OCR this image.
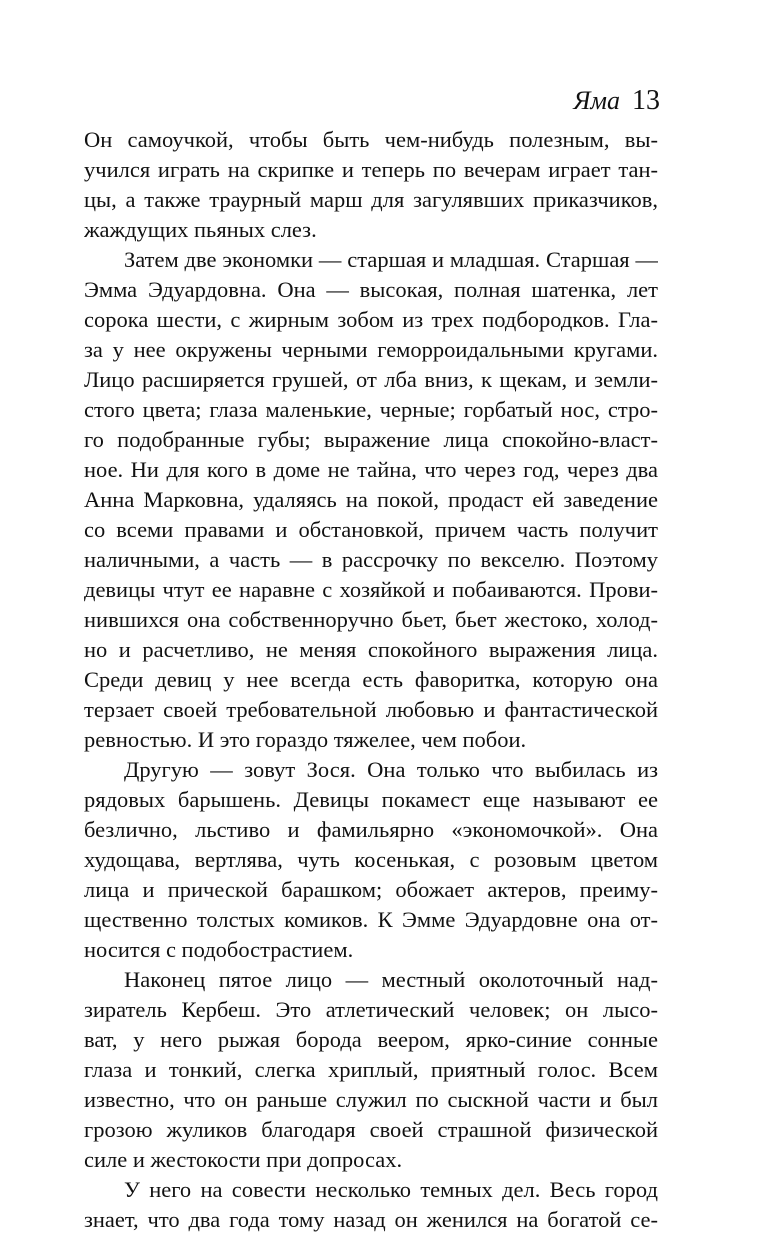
Яма 13
Он самоучкой, чтобы быть чем-нибудь полезным, вы-
учился играть на скрипке и теперь по вечерам играет тан-
цы, а также траурный марш для загулявших приказчиков,
жаждущих пьяных слез.
Затем две экономки — старшая и младшая. Старшая —
Эмма Эдуардовна. Она — высокая, полная шатенка, лет
сорока шести, с жирным зобом из трех подбородков. Гла-
за у нее окружены черными геморроидальными кругами.
Лицо расширяется грушей, от лба вниз, к щекам, и земли-
стого цвета; глаза маленькие, черные; горбатый нос, стро-
го подобранные губы; выражение лица спокойно-власт-
ное. Ни для кого в доме не тайна, что через год, через два
Анна Марковна, удаляясь на покой, продаст ей заведение
со всеми правами и обстановкой, причем часть получит
наличными, а часть — в рассрочку по векселю. Поэтому
девицы чтут ее наравне с хозяйкой и побаиваются. Прови-
нившихся она собственноручно бьет, бьет жестоко, холод-
но и расчетливо, не меняя спокойного выражения лица.
Среди девиц у нее всегда есть фаворитка, которую она
терзает своей требовательной любовью и фантастической
ревностью. И это гораздо тяжелее, чем побои.
Другую — зовут Зося. Она только что выбилась из
рядовых барышень. Девицы покамест еще называют ее
безлично, льстиво и фамильярно «экономочкой». Она
худощава, вертлява, чуть косенькая, с розовым цветом
лица и прической барашком; обожает актеров, преиму-
щественно толстых комиков. К Эмме Эдуардовне она от-
носится с подобострастием.
Наконец пятое лицо — местный околоточный над-
зиратель Кербеш. Это атлетический человек; он лысо-
ват, у него рыжая борода веером, ярко-синие сонные
глаза и тонкий, слегка хриплый, приятный голос. Всем
известно, что он раньше служил по сыскной части и был
грозою жуликов благодаря своей страшной физической
силе и жестокости при допросах.
У него на совести несколько темных дел. Весь город
знает, что два года тому назад он женился на богатой се-
